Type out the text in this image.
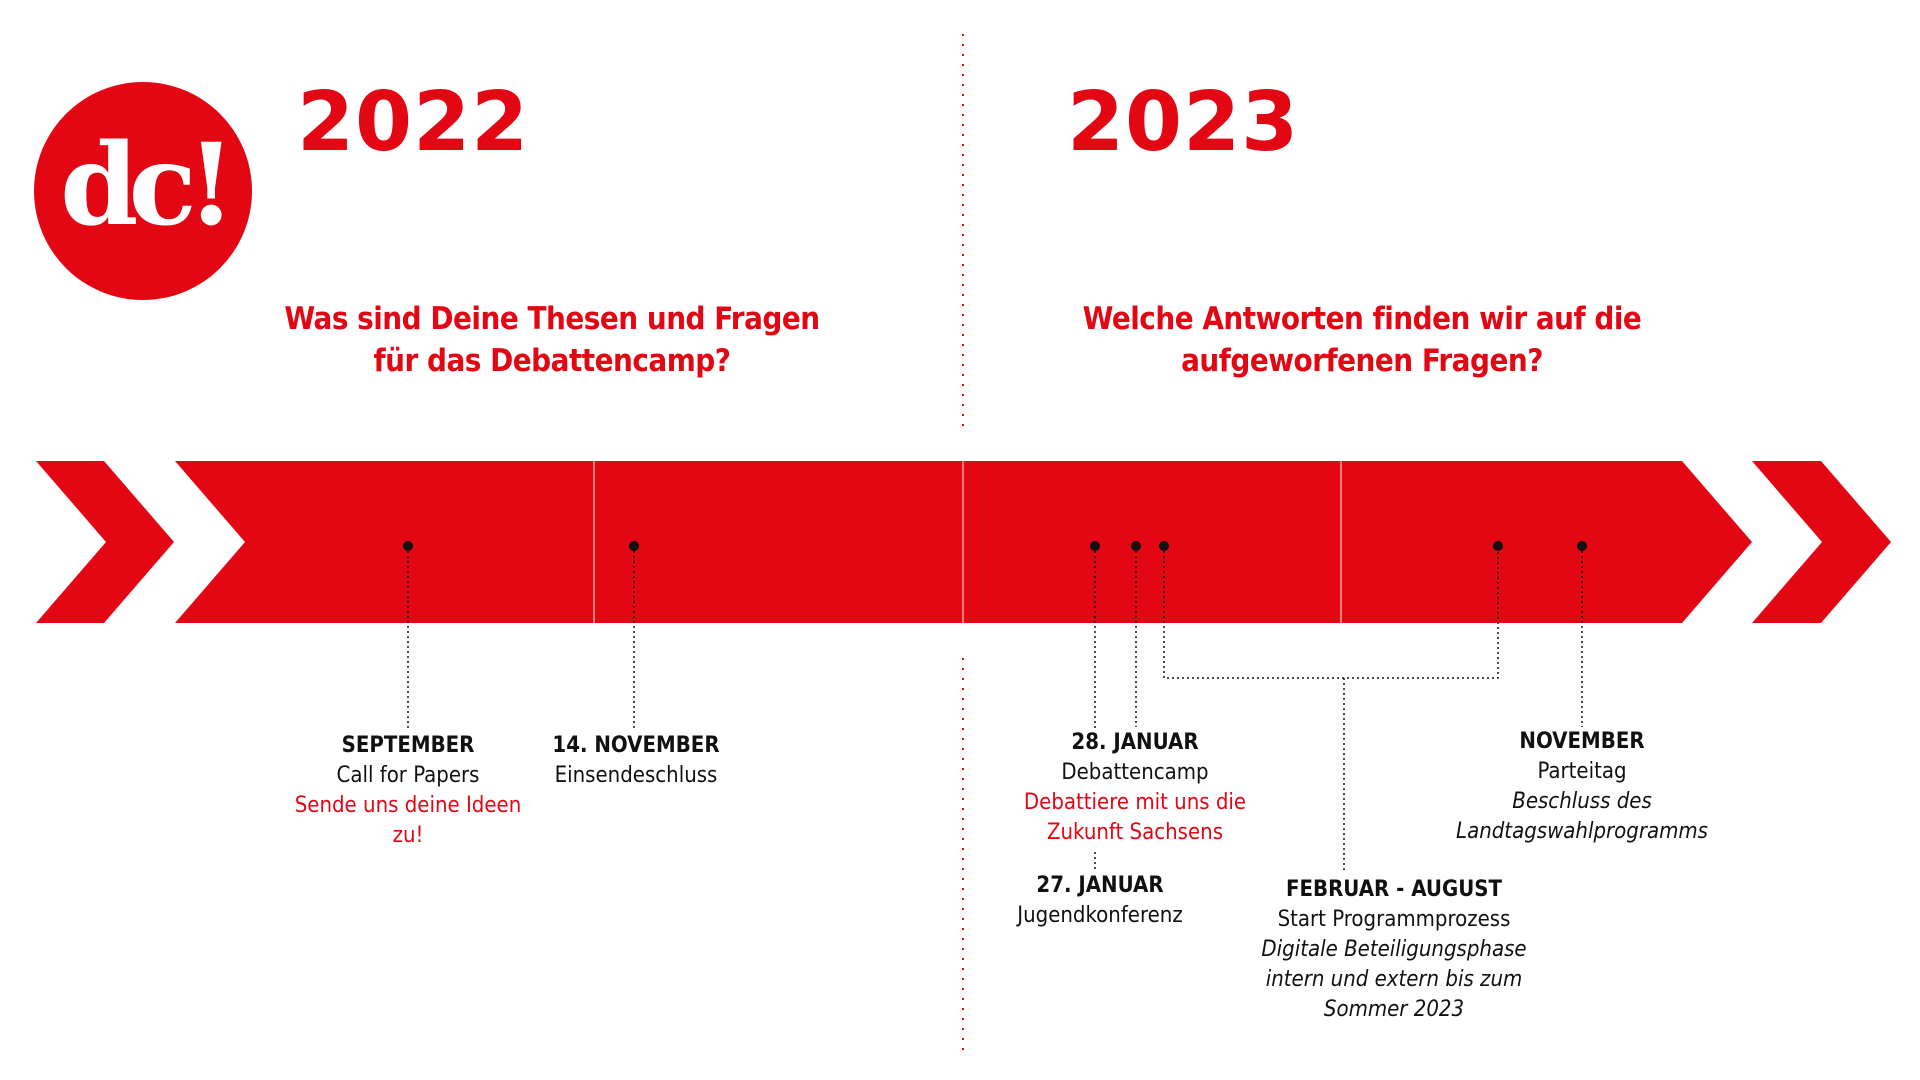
dc! 2022	2023
Was sind Deine Thesen und Fragen
für das Debattencamp?
Welche Antworten finden wir auf die
aufgeworfenen Fragen?
SEPTEMBER
Call for Papers
Sende uns deine Ideen
zu!
14. NOVEMBER
Einsendeschluss
28. JANUAR
Debattencamp
Debattiere mit uns die
Zukunft Sachsens
27. JANUAR
Jugendkonferenz
FEBRUAR - AUGUST
Start Programmprozess
Digitale Beteiligungsphase
intern und extern bis zum
Sommer 2023
NOVEMBER
Parteitag
Beschluss des
Landtagswahlprogramms
